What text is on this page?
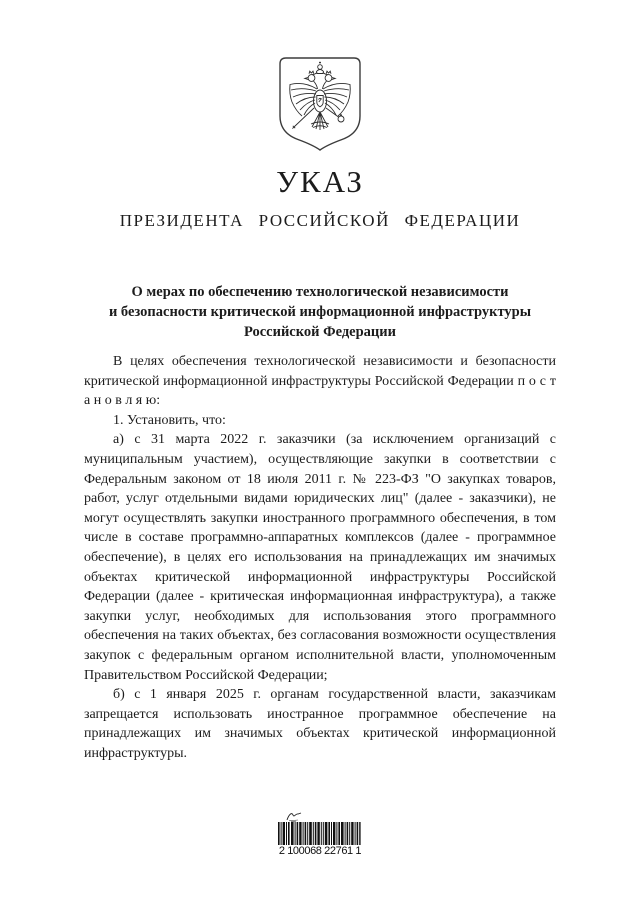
УКАЗ
ПРЕЗИДЕНТА РОССИЙСКОЙ ФЕДЕРАЦИИ
О мерах по обеспечению технологической независимости
и безопасности критической информационной инфраструктуры
Российской Федерации

В целях обеспечения технологической независимости и безопасности критической информационной инфраструктуры Российской Федерации п о с т а н о в л я ю:

1. Установить, что:

а) с 31 марта 2022 г. заказчики (за исключением организаций с муниципальным участием), осуществляющие закупки в соответствии с Федеральным законом от 18 июля 2011 г. № 223-ФЗ "О закупках товаров, работ, услуг отдельными видами юридических лиц" (далее - заказчики), не могут осуществлять закупки иностранного программного обеспечения, в том числе в составе программно-аппаратных комплексов (далее - программное обеспечение), в целях его использования на принадлежащих им значимых объектах критической информационной инфраструктуры Российской Федерации (далее - критическая информационная инфраструктура), а также закупки услуг, необходимых для использования этого программного обеспечения на таких объектах, без согласования возможности осуществления закупок с федеральным органом исполнительной власти, уполномоченным Правительством Российской Федерации;

б) с 1 января 2025 г. органам государственной власти, заказчикам запрещается использовать иностранное программное обеспечение на принадлежащих им значимых объектах критической информационной инфраструктуры.

2 100068 22761 1
